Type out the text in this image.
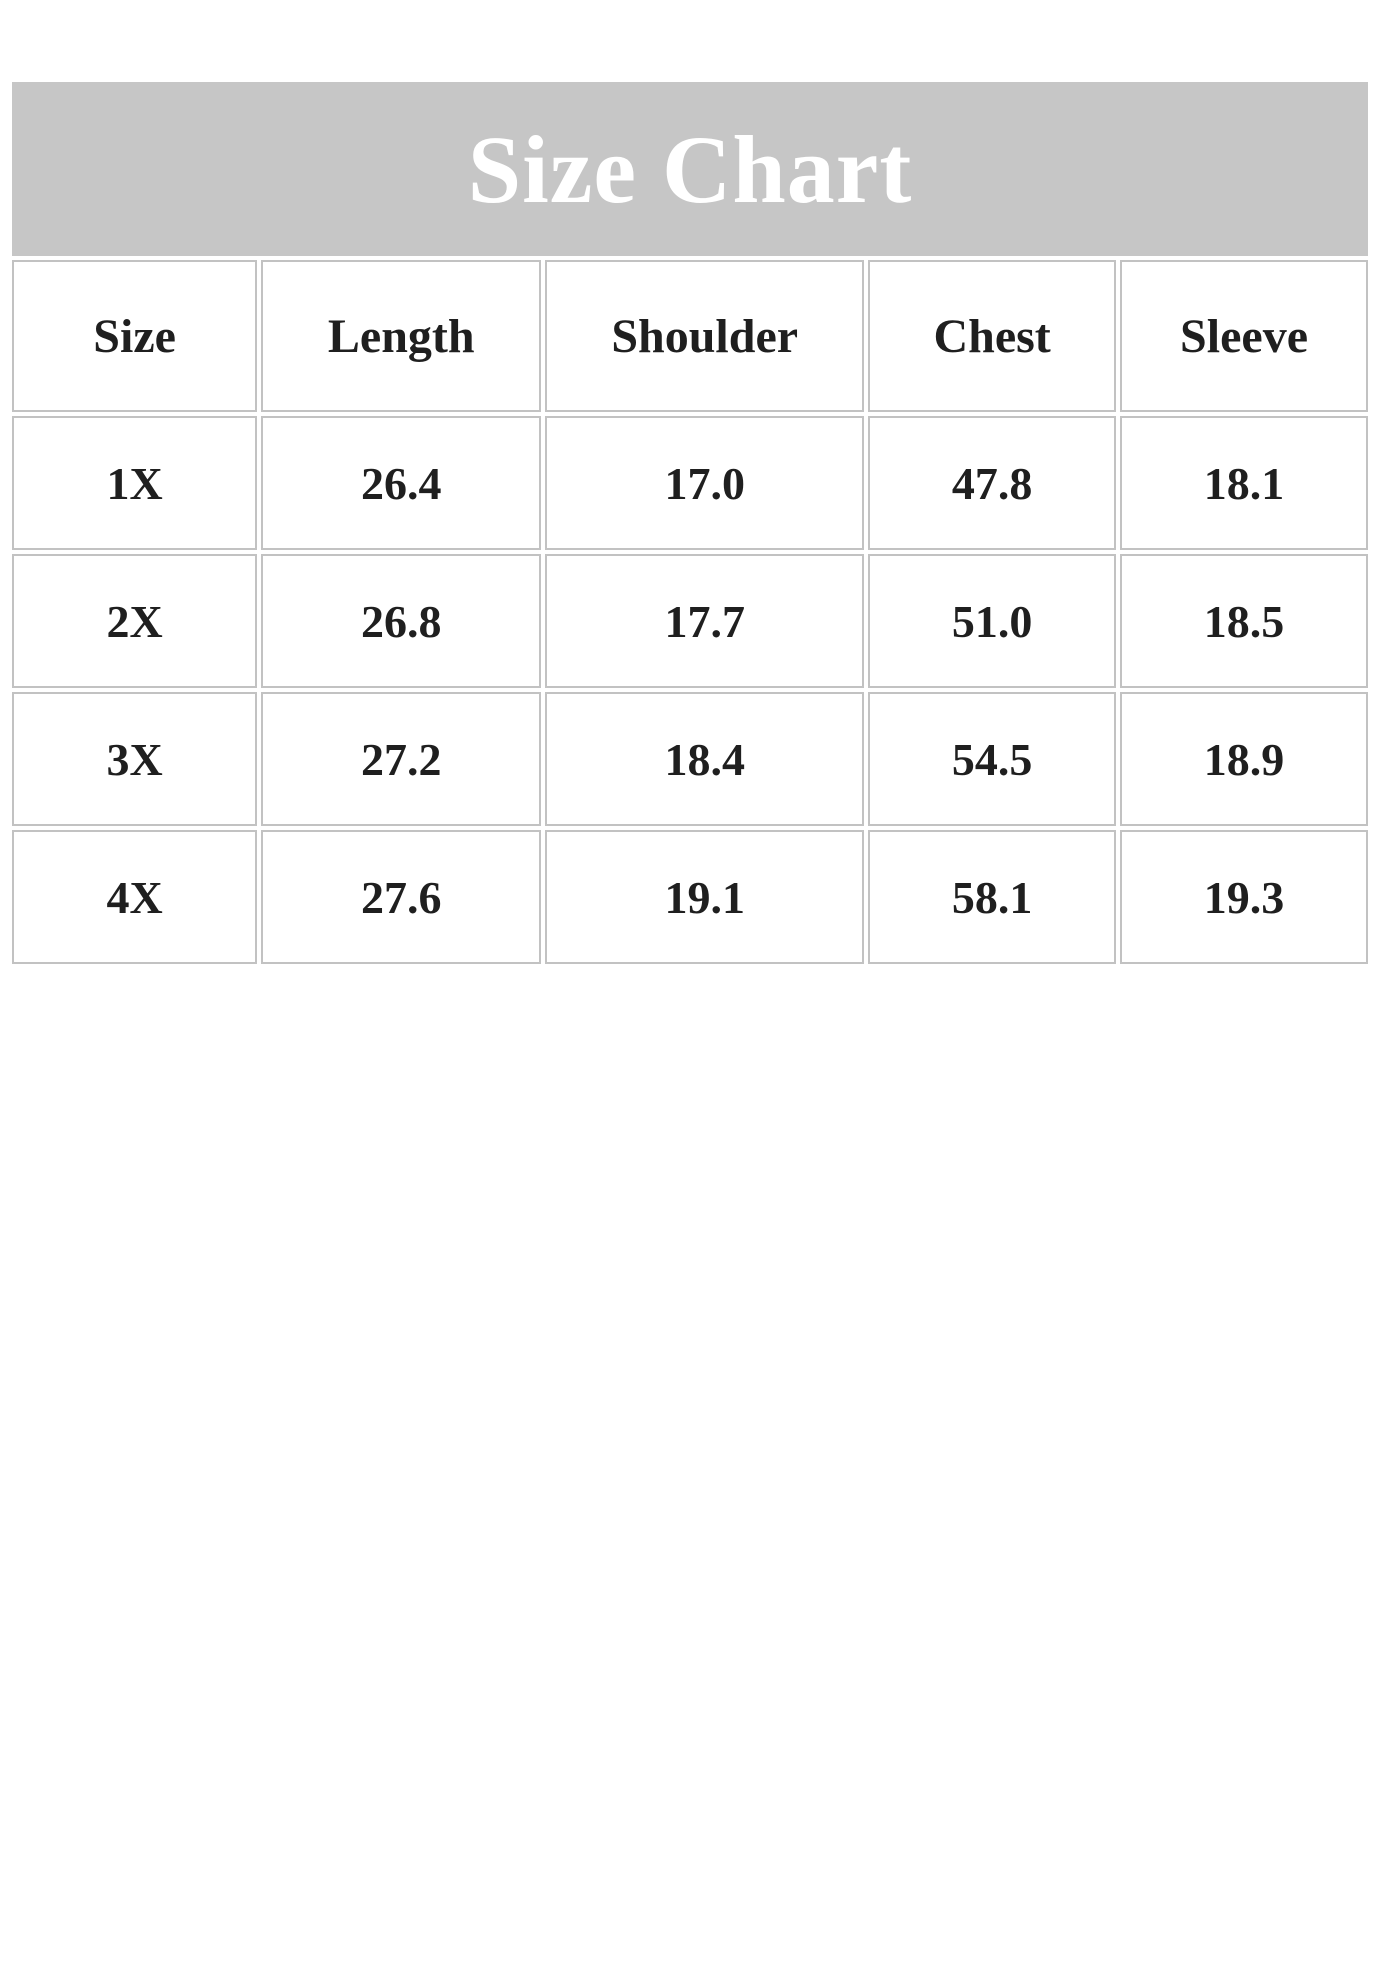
Size Chart				
Size	Length	Shoulder	Chest	Sleeve
1X	26.4	17.0	47.8	18.1
2X	26.8	17.7	51.0	18.5
3X	27.2	18.4	54.5	18.9
4X	27.6	19.1	58.1	19.3
